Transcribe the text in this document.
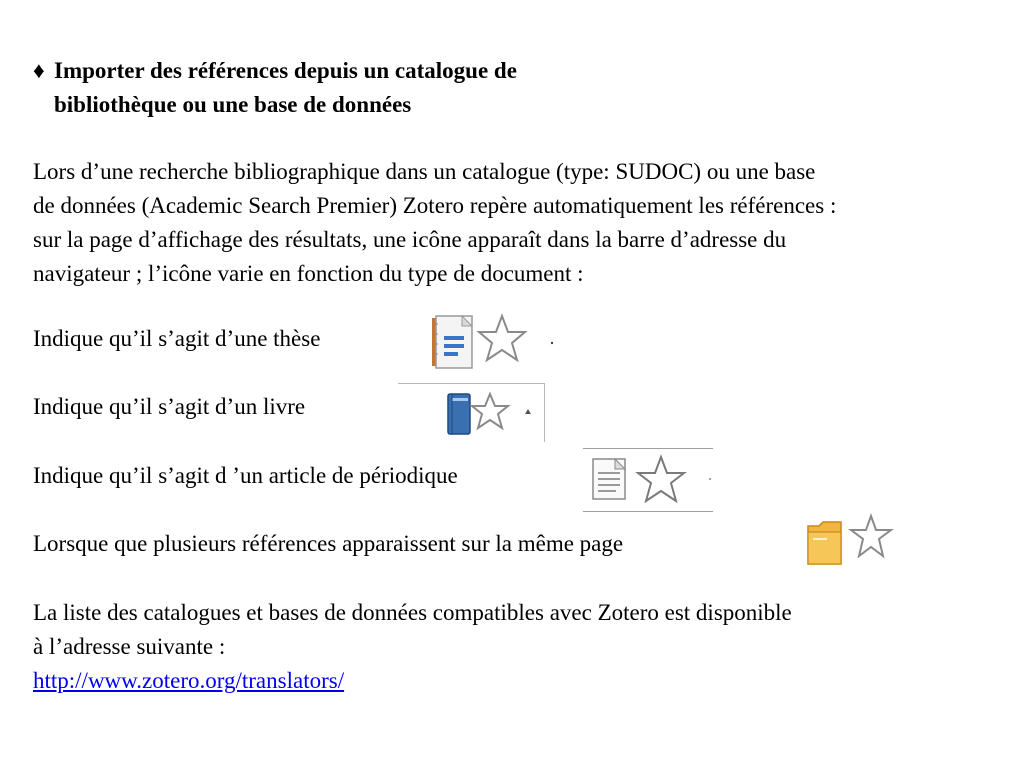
♦ Importer des références depuis un catalogue de
bibliothèque ou une base de données
Lors d’une recherche bibliographique dans un catalogue (type: SUDOC) ou une base
de données (Academic Search Premier) Zotero repère automatiquement les références :
sur la page d’affichage des résultats, une icône apparaît dans la barre d’adresse du
navigateur ; l’icône varie en fonction du type de document :
Indique qu’il s’agit d’une thèse
Indique qu’il s’agit d’un livre
Indique qu’il s’agit d ’un article de périodique
Lorsque que plusieurs références apparaissent sur la même page
La liste des catalogues et bases de données compatibles avec Zotero est disponible
à l’adresse suivante :
http://www.zotero.org/translators/
